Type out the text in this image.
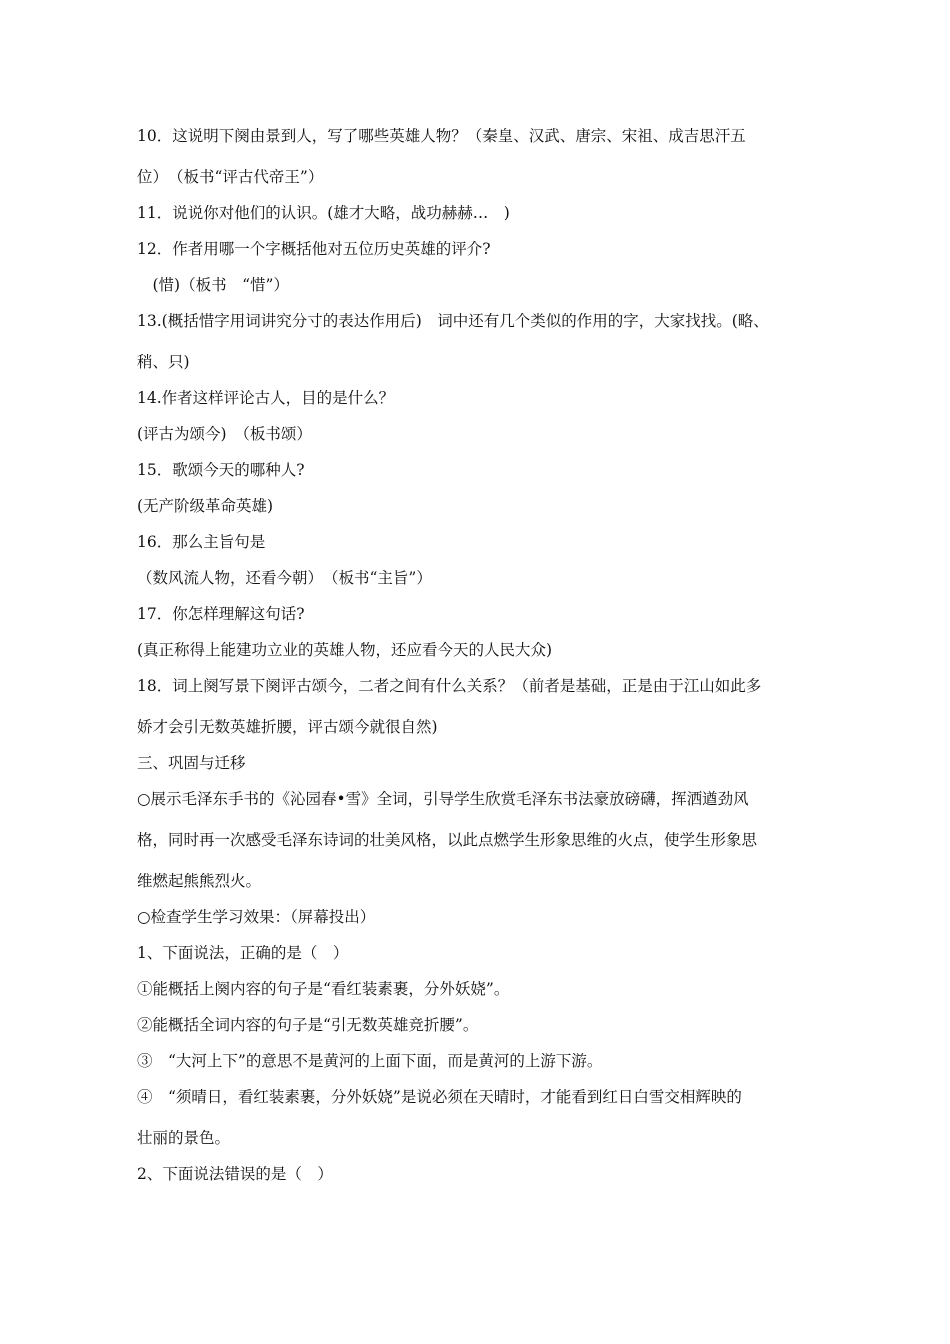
10．这说明下阕由景到人，写了哪些英雄人物？（秦皇、汉武、唐宗、宋祖、成吉思汗五
位）　（板书“评古代帝王”）
11．说说你对他们的认识。(雄才大略，战功赫赫…　)
12．作者用哪一个字概括他对五位历史英雄的评介?
　(惜)（板书　“惜”）
13.(概括惜字用词讲究分寸的表达作用后)　词中还有几个类似的作用的字，大家找找。(略、
稍、只)
14.作者这样评论古人，目的是什么？
(评古为颂今)　（板书颂）
15．歌颂今天的哪种人?
(无产阶级革命英雄)
16．那么主旨句是
（数风流人物，还看今朝）　（板书“主旨”）
17．你怎样理解这句话?
(真正称得上能建功立业的英雄人物，还应看今天的人民大众)
18．词上阕写景下阕评古颂今，二者之间有什么关系？（前者是基础，正是由于江山如此多
娇才会引无数英雄折腰，评古颂今就很自然)
三、巩固与迁移
○展示毛泽东手书的《沁园春•雪》全词，引导学生欣赏毛泽东书法豪放磅礴，挥洒遒劲风
格，同时再一次感受毛泽东诗词的壮美风格，以此点燃学生形象思维的火点，使学生形象思
维燃起熊熊烈火。
○检查学生学习效果：（屏幕投出）
1、下面说法，正确的是（　）
①能概括上阕内容的句子是“看红装素裹，分外妖娆”。
②能概括全词内容的句子是“引无数英雄竞折腰”。
③　“大河上下”的意思不是黄河的上面下面，而是黄河的上游下游。
④　“须晴日，看红装素裹，分外妖娆”是说必须在天晴时，才能看到红日白雪交相辉映的
壮丽的景色。
2、下面说法错误的是（　）
